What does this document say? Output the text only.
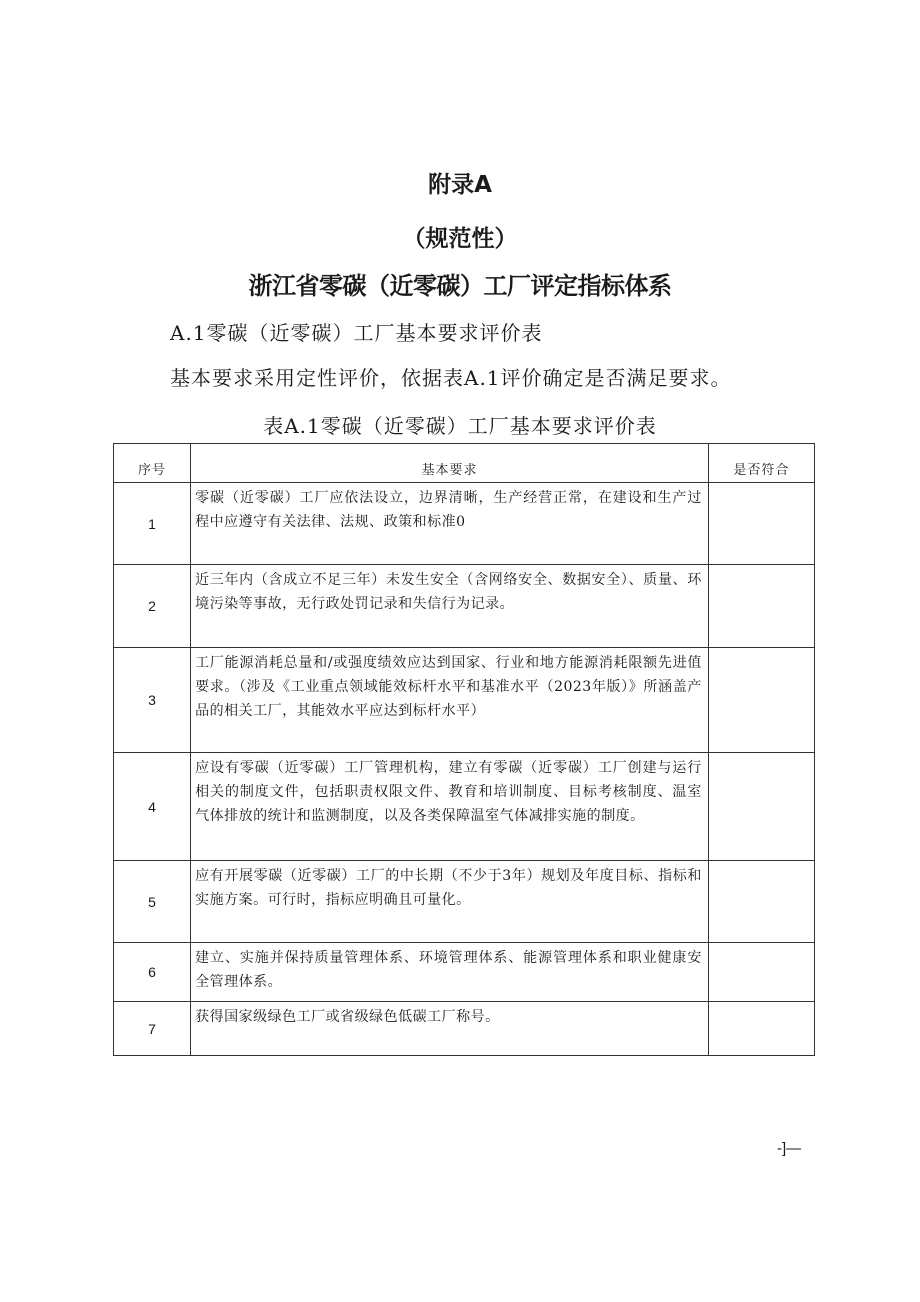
附录A
（规范性）
浙江省零碳（近零碳）工厂评定指标体系
A.1零碳（近零碳）工厂基本要求评价表
基本要求采用定性评价，依据表A.1评价确定是否满足要求。
表A.1零碳（近零碳）工厂基本要求评价表
序号	基本要求	是否符合
1	零碳（近零碳）工厂应依法设立，边界清晰，生产经营正常，在建设和生产过程中应遵守有关法律、法规、政策和标准0	
2	近三年内（含成立不足三年）未发生安全（含网络安全、数据安全）、质量、环境污染等事故，无行政处罚记录和失信行为记录。	
3	工厂能源消耗总量和/或强度绩效应达到国家、行业和地方能源消耗限额先进值要求。（涉及《工业重点领域能效标杆水平和基准水平（2023年版）》所涵盖产品的相关工厂，其能效水平应达到标杆水平）	
4	应设有零碳（近零碳）工厂管理机构，建立有零碳（近零碳）工厂创建与运行相关的制度文件，包括职责权限文件、教育和培训制度、目标考核制度、温室气体排放的统计和监测制度，以及各类保障温室气体减排实施的制度。	
5	应有开展零碳（近零碳）工厂的中长期（不少于3年）规划及年度目标、指标和实施方案。可行时，指标应明确且可量化。	
6	建立、实施并保持质量管理体系、环境管理体系、能源管理体系和职业健康安全管理体系。	
7	获得国家级绿色工厂或省级绿色低碳工厂称号。	
-]—
